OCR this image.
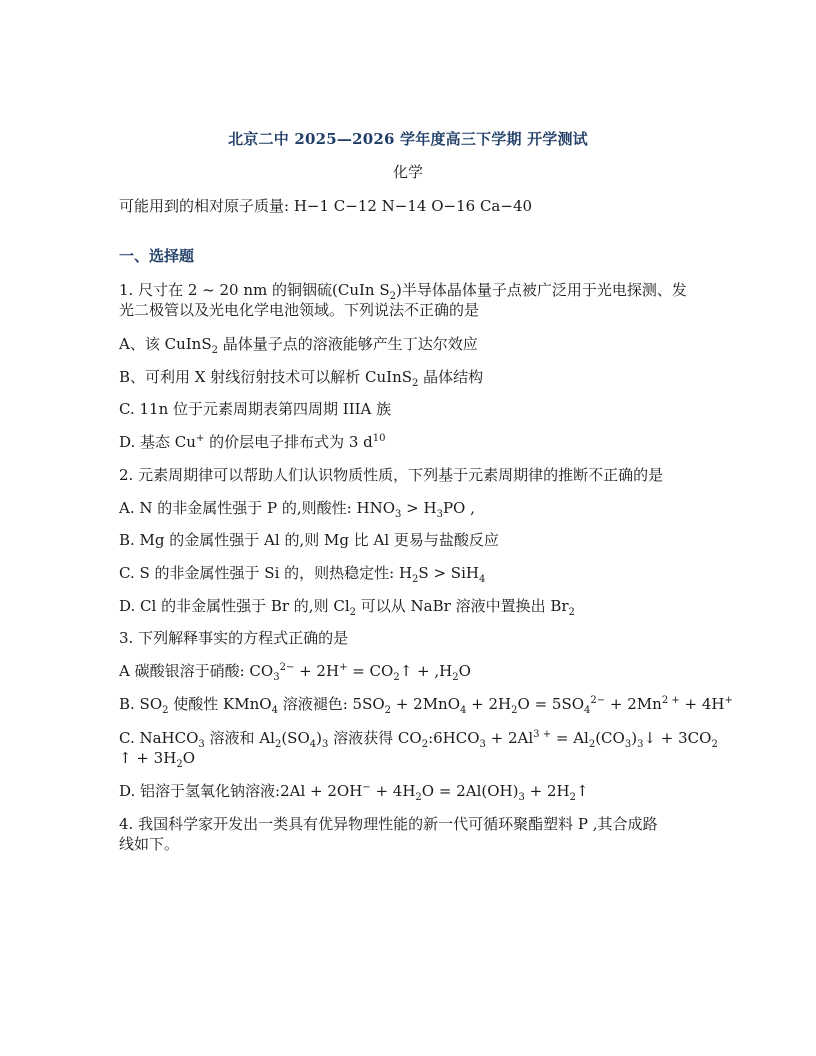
北京二中 2025—2026 学年度高三下学期 开学测试
化学
可能用到的相对原子质量: H−1 C−12 N−14 O−16 Ca−40
一、选择题
1. 尺寸在 2 ~ 20 nm 的铜铟硫(CuIn $S_2$)半导体晶体量子点被广泛用于光电探测、发
光二极管以及光电化学电池领域。下列说法不正确的是
A、该 CuInS$_2$ 晶体量子点的溶液能够产生丁达尔效应
B、可利用 X 射线衍射技术可以解析 CuInS$_2$ 晶体结构
C. 11n 位于元素周期表第四周期 IIIA 族
D. 基态 Cu+ 的价层电子排布式为 3 $d^{10}$
2. 元素周期律可以帮助人们认识物质性质，下列基于元素周期律的推断不正确的是
A. N 的非金属性强于 P 的,则酸性: $HNO_3 > H_3PO$ ,
B. Mg 的金属性强于 Al 的,则 Mg 比 Al 更易与盐酸反应
C. S 的非金属性强于 Si 的，则热稳定性: $H_2S > SiH_4$
D. Cl 的非金属性强于 Br 的,则 $Cl_2$ 可以从 NaBr 溶液中置换出 $Br_2$
3. 下列解释事实的方程式正确的是
A 碳酸银溶于硝酸: $CO_3^{2-} + 2H^+$ = $CO_2↑ + ,H_2O$
B. $SO_2$ 使酸性 KMnO$_4$ 溶液褪色: $5SO_2 + 2MnO_4 + 2H_2O = 5SO_4^{2-} + 2Mn^{2 +} + 4H^+$
C. NaHCO$_3$ 溶液和 $Al_2(SO_4)_3$ 溶液获得 $CO_2:6HCO_3 + 2Al^{3 +}$ = $Al_2(CO_3)_3↓ + 3CO_2$
↑ + $3H_2O$
D. 铝溶于氢氧化钠溶液:2Al + $2OH^- + 4H_2O = 2Al(OH)_3$ + $2H_2↑$
4. 我国科学家开发出一类具有优异物理性能的新一代可循环聚酯塑料 P ,其合成路
线如下。
